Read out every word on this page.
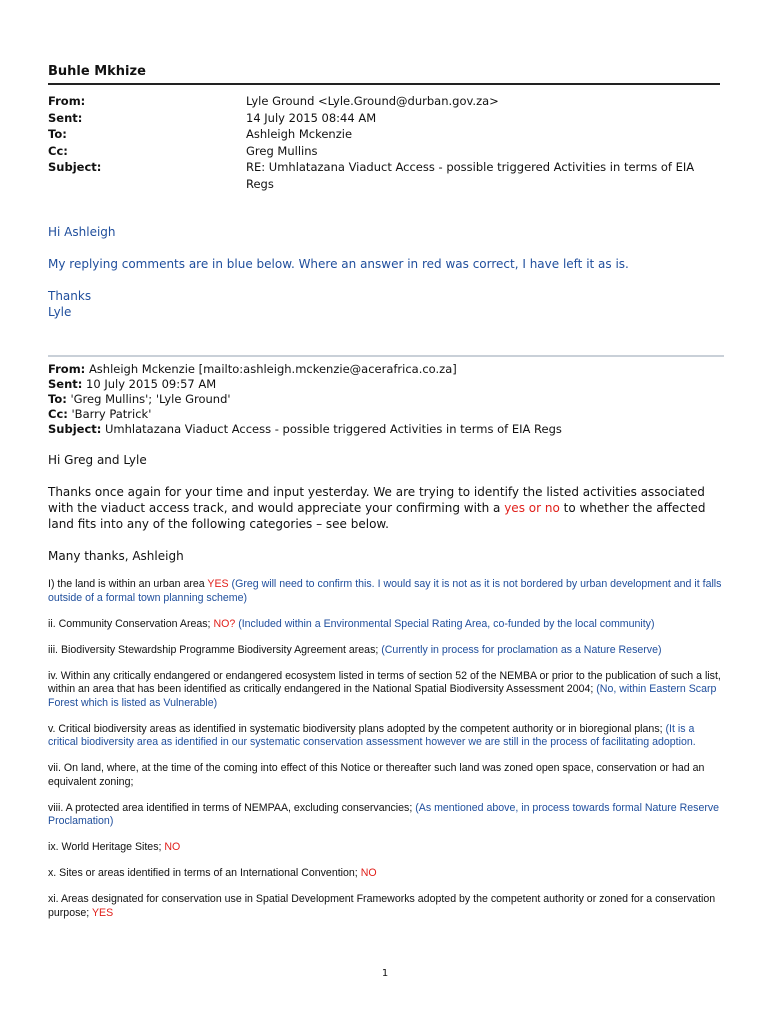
Buhle Mkhize
From:	Lyle Ground <Lyle.Ground@durban.gov.za>
Sent:	14 July 2015 08:44 AM
To:	Ashleigh Mckenzie
Cc:	Greg Mullins
Subject:	RE: Umhlatazana Viaduct Access - possible triggered Activities in terms of EIA Regs

Hi Ashleigh

My replying comments are in blue below. Where an answer in red was correct, I have left it as is.

Thanks

Lyle

From: Ashleigh Mckenzie [mailto:ashleigh.mckenzie@acerafrica.co.za]
Sent: 10 July 2015 09:57 AM
To: 'Greg Mullins'; 'Lyle Ground'
Cc: 'Barry Patrick'
Subject: Umhlatazana Viaduct Access - possible triggered Activities in terms of EIA Regs

Hi Greg and Lyle

Thanks once again for your time and input yesterday. We are trying to identify the listed activities associated with the viaduct access track, and would appreciate your confirming with a yes or no to whether the affected land fits into any of the following categories – see below.

Many thanks, Ashleigh

I) the land is within an urban area YES (Greg will need to confirm this. I would say it is not as it is not bordered by urban development and it falls outside of a formal town planning scheme)

ii. Community Conservation Areas; NO? (Included within a Environmental Special Rating Area, co-funded by the local community)

iii. Biodiversity Stewardship Programme Biodiversity Agreement areas; (Currently in process for proclamation as a Nature Reserve)

iv. Within any critically endangered or endangered ecosystem listed in terms of section 52 of the NEMBA or prior to the publication of such a list, within an area that has been identified as critically endangered in the National Spatial Biodiversity Assessment 2004; (No, within Eastern Scarp Forest which is listed as Vulnerable)

v. Critical biodiversity areas as identified in systematic biodiversity plans adopted by the competent authority or in bioregional plans; (It is a critical biodiversity area as identified in our systematic conservation assessment however we are still in the process of facilitating adoption.

vii. On land, where, at the time of the coming into effect of this Notice or thereafter such land was zoned open space, conservation or had an equivalent zoning;

viii. A protected area identified in terms of NEMPAA, excluding conservancies; (As mentioned above, in process towards formal Nature Reserve Proclamation)

ix. World Heritage Sites; NO

x. Sites or areas identified in terms of an International Convention; NO

xi. Areas designated for conservation use in Spatial Development Frameworks adopted by the competent authority or zoned for a conservation purpose; YES

1
